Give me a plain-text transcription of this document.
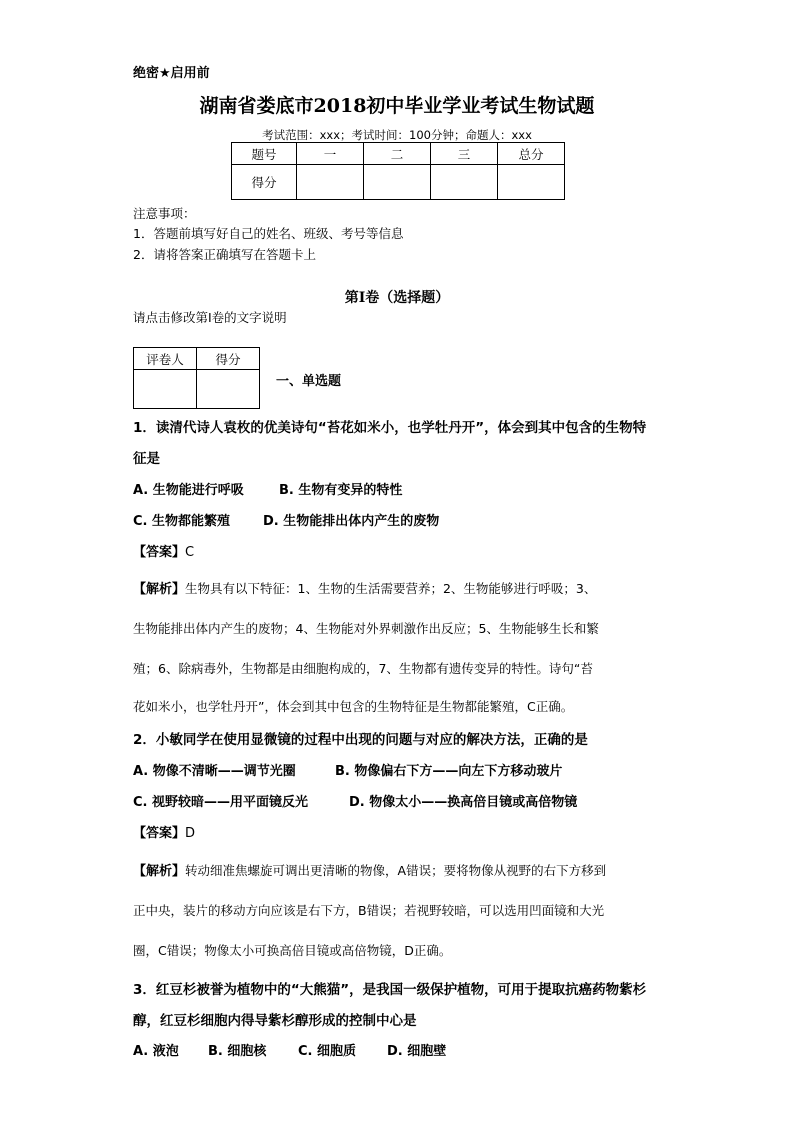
绝密★启用前
湖南省娄底市2018初中毕业学业考试生物试题
考试范围：xxx；考试时间：100分钟；命题人：xxx
题号	一	二	三	总分
得分				
注意事项：
1．答题前填写好自己的姓名、班级、考号等信息
2．请将答案正确填写在答题卡上
第I卷（选择题）
请点击修改第I卷的文字说明
评卷人	得分

一、单选题
1．读清代诗人袁枚的优美诗句“苔花如米小，也学牡丹开”，体会到其中包含的生物特
征是
A. 生物能进行呼吸	B. 生物有变异的特性
C. 生物都能繁殖	D. 生物能排出体内产生的废物
【答案】C
【解析】生物具有以下特征：1、生物的生活需要营养；2、生物能够进行呼吸；3、
生物能排出体内产生的废物；4、生物能对外界刺激作出反应；5、生物能够生长和繁
殖；6、除病毒外，生物都是由细胞构成的，7、生物都有遗传变异的特性。诗句“苔
花如米小，也学牡丹开”，体会到其中包含的生物特征是生物都能繁殖，C正确。
2．小敏同学在使用显微镜的过程中出现的问题与对应的解决方法，正确的是
A. 物像不清晰——调节光圈	B. 物像偏右下方——向左下方移动玻片
C. 视野较暗——用平面镜反光	D. 物像太小——换高倍目镜或高倍物镜
【答案】D
【解析】转动细准焦螺旋可调出更清晰的物像，A错误；要将物像从视野的右下方移到
正中央，装片的移动方向应该是右下方，B错误；若视野较暗，可以选用凹面镜和大光
圈，C错误；物像太小可换高倍目镜或高倍物镜，D正确。
3．红豆杉被誉为植物中的“大熊猫”，是我国一级保护植物，可用于提取抗癌药物紫杉
醇，红豆杉细胞内得导紫杉醇形成的控制中心是
A. 液泡 B. 细胞核 C. 细胞质 D. 细胞壁
